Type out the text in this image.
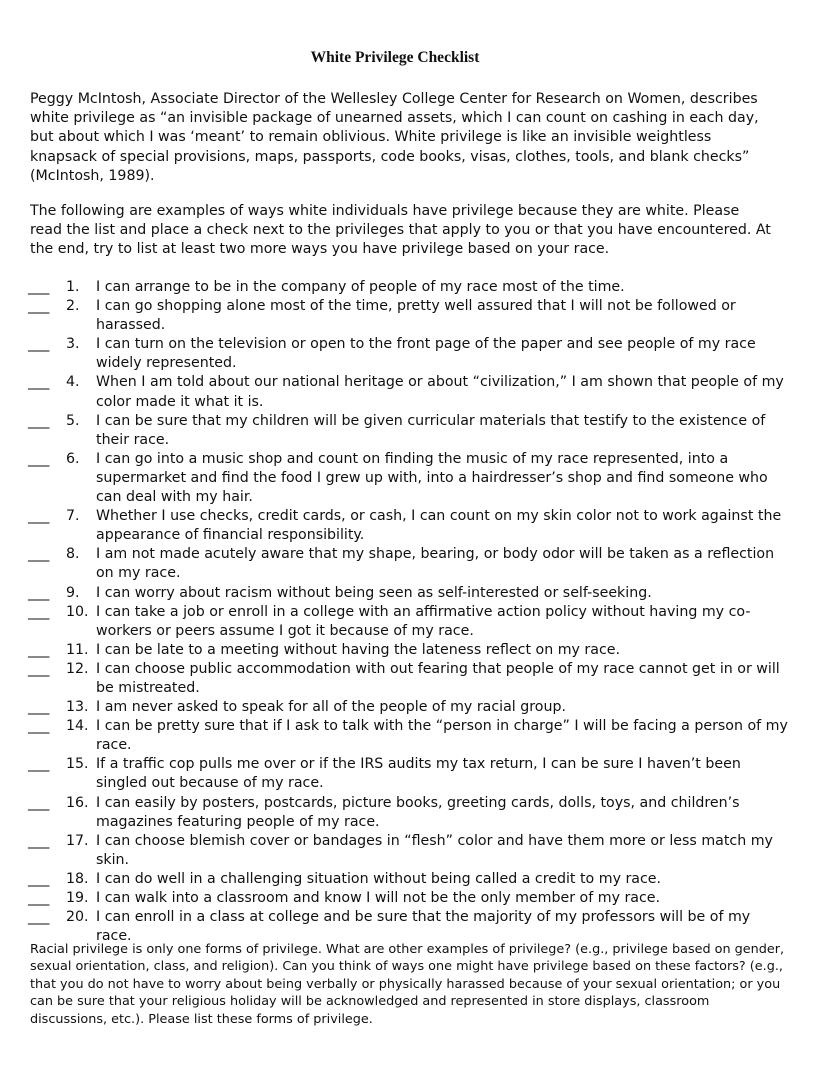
White Privilege Checklist
Peggy McIntosh, Associate Director of the Wellesley College Center for Research on Women, describes white privilege as “an invisible package of unearned assets, which I can count on cashing in each day, but about which I was ‘meant’ to remain oblivious. White privilege is like an invisible weightless knapsack of special provisions, maps, passports, code books, visas, clothes, tools, and blank checks” (McIntosh, 1989).
The following are examples of ways white individuals have privilege because they are white. Please read the list and place a check next to the privileges that apply to you or that you have encountered. At the end, try to list at least two more ways you have privilege based on your race.
___	1. I can arrange to be in the company of people of my race most of the time.
___	2. I can go shopping alone most of the time, pretty well assured that I will not be followed or harassed.
___	3. I can turn on the television or open to the front page of the paper and see people of my race widely represented.
___	4. When I am told about our national heritage or about “civilization,” I am shown that people of my color made it what it is.
___	5. I can be sure that my children will be given curricular materials that testify to the existence of their race.
___	6. I can go into a music shop and count on finding the music of my race represented, into a supermarket and find the food I grew up with, into a hairdresser’s shop and find someone who can deal with my hair.
___	7. Whether I use checks, credit cards, or cash, I can count on my skin color not to work against the appearance of financial responsibility.
___	8. I am not made acutely aware that my shape, bearing, or body odor will be taken as a reflection on my race.
___	9. I can worry about racism without being seen as self-interested or self-seeking.
___	10. I can take a job or enroll in a college with an affirmative action policy without having my co-workers or peers assume I got it because of my race.
___	11. I can be late to a meeting without having the lateness reflect on my race.
___	12. I can choose public accommodation with out fearing that people of my race cannot get in or will be mistreated.
___	13. I am never asked to speak for all of the people of my racial group.
___	14. I can be pretty sure that if I ask to talk with the “person in charge” I will be facing a person of my race.
___	15. If a traffic cop pulls me over or if the IRS audits my tax return, I can be sure I haven’t been singled out because of my race.
___	16. I can easily by posters, postcards, picture books, greeting cards, dolls, toys, and children’s magazines featuring people of my race.
___	17. I can choose blemish cover or bandages in “flesh” color and have them more or less match my skin.
___	18. I can do well in a challenging situation without being called a credit to my race.
___	19. I can walk into a classroom and know I will not be the only member of my race.
___	20. I can enroll in a class at college and be sure that the majority of my professors will be of my race.
Racial privilege is only one forms of privilege. What are other examples of privilege? (e.g., privilege based on gender, sexual orientation, class, and religion). Can you think of ways one might have privilege based on these factors? (e.g., that you do not have to worry about being verbally or physically harassed because of your sexual orientation; or you can be sure that your religious holiday will be acknowledged and represented in store displays, classroom discussions, etc.). Please list these forms of privilege.
